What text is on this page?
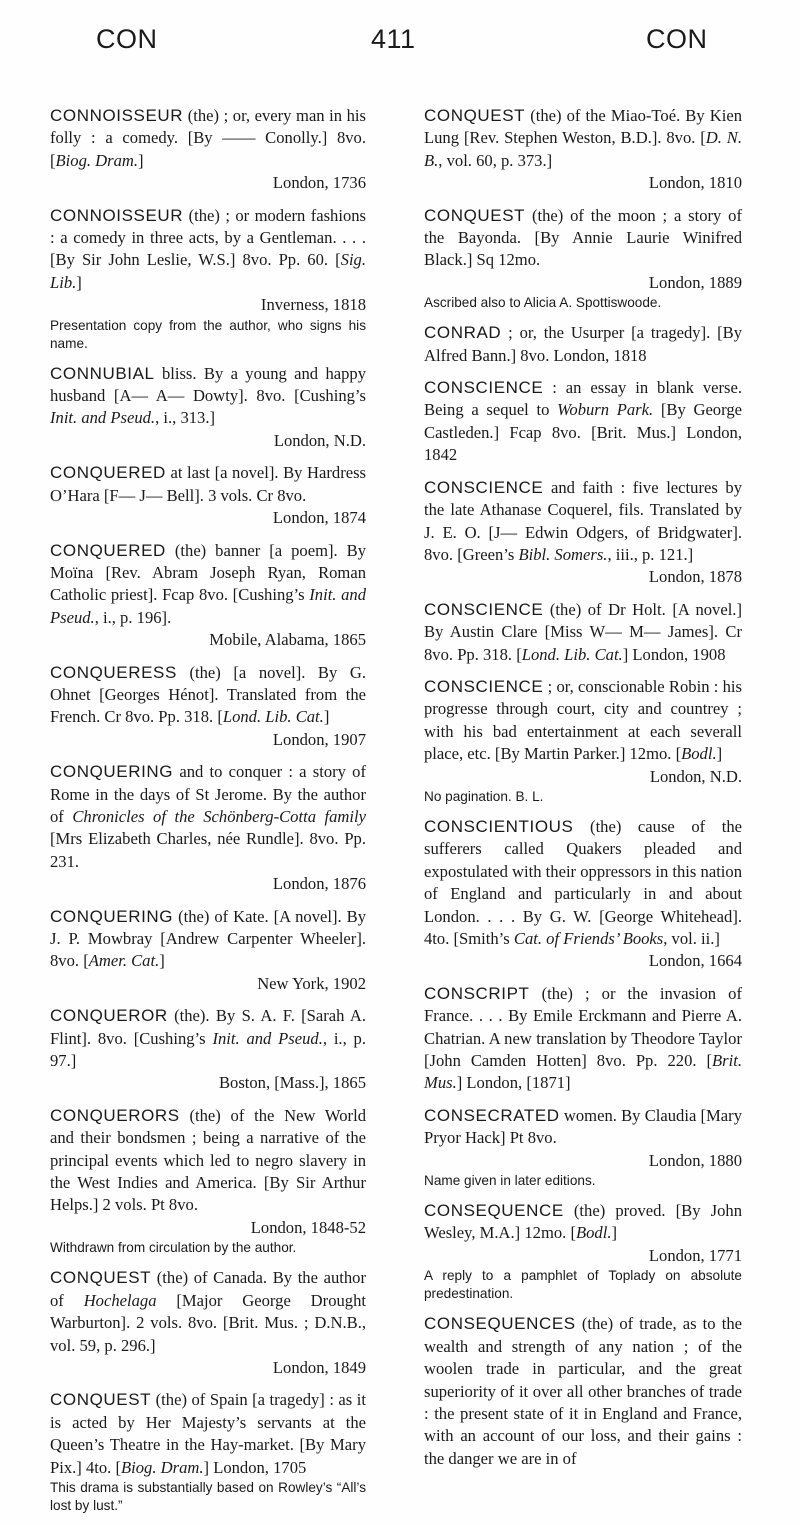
CON	411	CON
CONNOISSEUR (the) ; or, every man in his folly : a comedy. [By —— Conolly.] 8vo. [Biog. Dram.]
London, 1736
CONNOISSEUR (the) ; or modern fashions : a comedy in three acts, by a Gentleman. . . . [By Sir John Leslie, W.S.] 8vo. Pp. 60. [Sig. Lib.]
Inverness, 1818
Presentation copy from the author, who signs his name.
CONNUBIAL bliss. By a young and happy husband [A— A— Dowty]. 8vo. [Cushing’s Init. and Pseud., i., 313.]
London, N.D.
CONQUERED at last [a novel]. By Hardress O’Hara [F— J— Bell]. 3 vols. Cr 8vo.
London, 1874
CONQUERED (the) banner [a poem]. By Moïna [Rev. Abram Joseph Ryan, Roman Catholic priest]. Fcap 8vo. [Cushing’s Init. and Pseud., i., p. 196].
Mobile, Alabama, 1865
CONQUERESS (the) [a novel]. By G. Ohnet [Georges Hénot]. Translated from the French. Cr 8vo. Pp. 318. [Lond. Lib. Cat.]
London, 1907
CONQUERING and to conquer : a story of Rome in the days of St Jerome. By the author of Chronicles of the Schönberg-Cotta family [Mrs Elizabeth Charles, née Rundle]. 8vo. Pp. 231.
London, 1876
CONQUERING (the) of Kate. [A novel]. By J. P. Mowbray [Andrew Carpenter Wheeler]. 8vo. [Amer. Cat.]
New York, 1902
CONQUEROR (the). By S. A. F. [Sarah A. Flint]. 8vo. [Cushing’s Init. and Pseud., i., p. 97.]
Boston, [Mass.], 1865
CONQUERORS (the) of the New World and their bondsmen ; being a narrative of the principal events which led to negro slavery in the West Indies and America. [By Sir Arthur Helps.] 2 vols. Pt 8vo.
London, 1848-52
Withdrawn from circulation by the author.
CONQUEST (the) of Canada. By the author of Hochelaga [Major George Drought Warburton]. 2 vols. 8vo. [Brit. Mus. ; D.N.B., vol. 59, p. 296.]
London, 1849
CONQUEST (the) of Spain [a tragedy] : as it is acted by Her Majesty’s servants at the Queen’s Theatre in the Hay-market. [By Mary Pix.] 4to. [Biog. Dram.] London, 1705
This drama is substantially based on Rowley’s “All’s lost by lust.”
CONQUEST (the) of the Miao-Toé. By Kien Lung [Rev. Stephen Weston, B.D.]. 8vo. [D. N. B., vol. 60, p. 373.]
London, 1810
CONQUEST (the) of the moon ; a story of the Bayonda. [By Annie Laurie Winifred Black.] Sq 12mo.
London, 1889
Ascribed also to Alicia A. Spottiswoode.
CONRAD ; or, the Usurper [a tragedy]. [By Alfred Bann.] 8vo. London, 1818
CONSCIENCE : an essay in blank verse. Being a sequel to Woburn Park. [By George Castleden.] Fcap 8vo. [Brit. Mus.] London, 1842
CONSCIENCE and faith : five lectures by the late Athanase Coquerel, fils. Translated by J. E. O. [J— Edwin Odgers, of Bridgwater]. 8vo. [Green’s Bibl. Somers., iii., p. 121.]
London, 1878
CONSCIENCE (the) of Dr Holt. [A novel.] By Austin Clare [Miss W— M— James]. Cr 8vo. Pp. 318. [Lond. Lib. Cat.] London, 1908
CONSCIENCE ; or, conscionable Robin : his progresse through court, city and countrey ; with his bad entertainment at each severall place, etc. [By Martin Parker.] 12mo. [Bodl.]
London, N.D.
No pagination. B. L.
CONSCIENTIOUS (the) cause of the sufferers called Quakers pleaded and expostulated with their oppressors in this nation of England and particularly in and about London. . . . By G. W. [George Whitehead]. 4to. [Smith’s Cat. of Friends’ Books, vol. ii.]
London, 1664
CONSCRIPT (the) ; or the invasion of France. . . . By Emile Erckmann and Pierre A. Chatrian. A new translation by Theodore Taylor [John Camden Hotten] 8vo. Pp. 220. [Brit. Mus.] London, [1871]
CONSECRATED women. By Claudia [Mary Pryor Hack] Pt 8vo.
London, 1880
Name given in later editions.
CONSEQUENCE (the) proved. [By John Wesley, M.A.] 12mo. [Bodl.]
London, 1771
A reply to a pamphlet of Toplady on absolute predestination.
CONSEQUENCES (the) of trade, as to the wealth and strength of any nation ; of the woolen trade in particular, and the great superiority of it over all other branches of trade : the present state of it in England and France, with an account of our loss, and their gains : the danger we are in of
